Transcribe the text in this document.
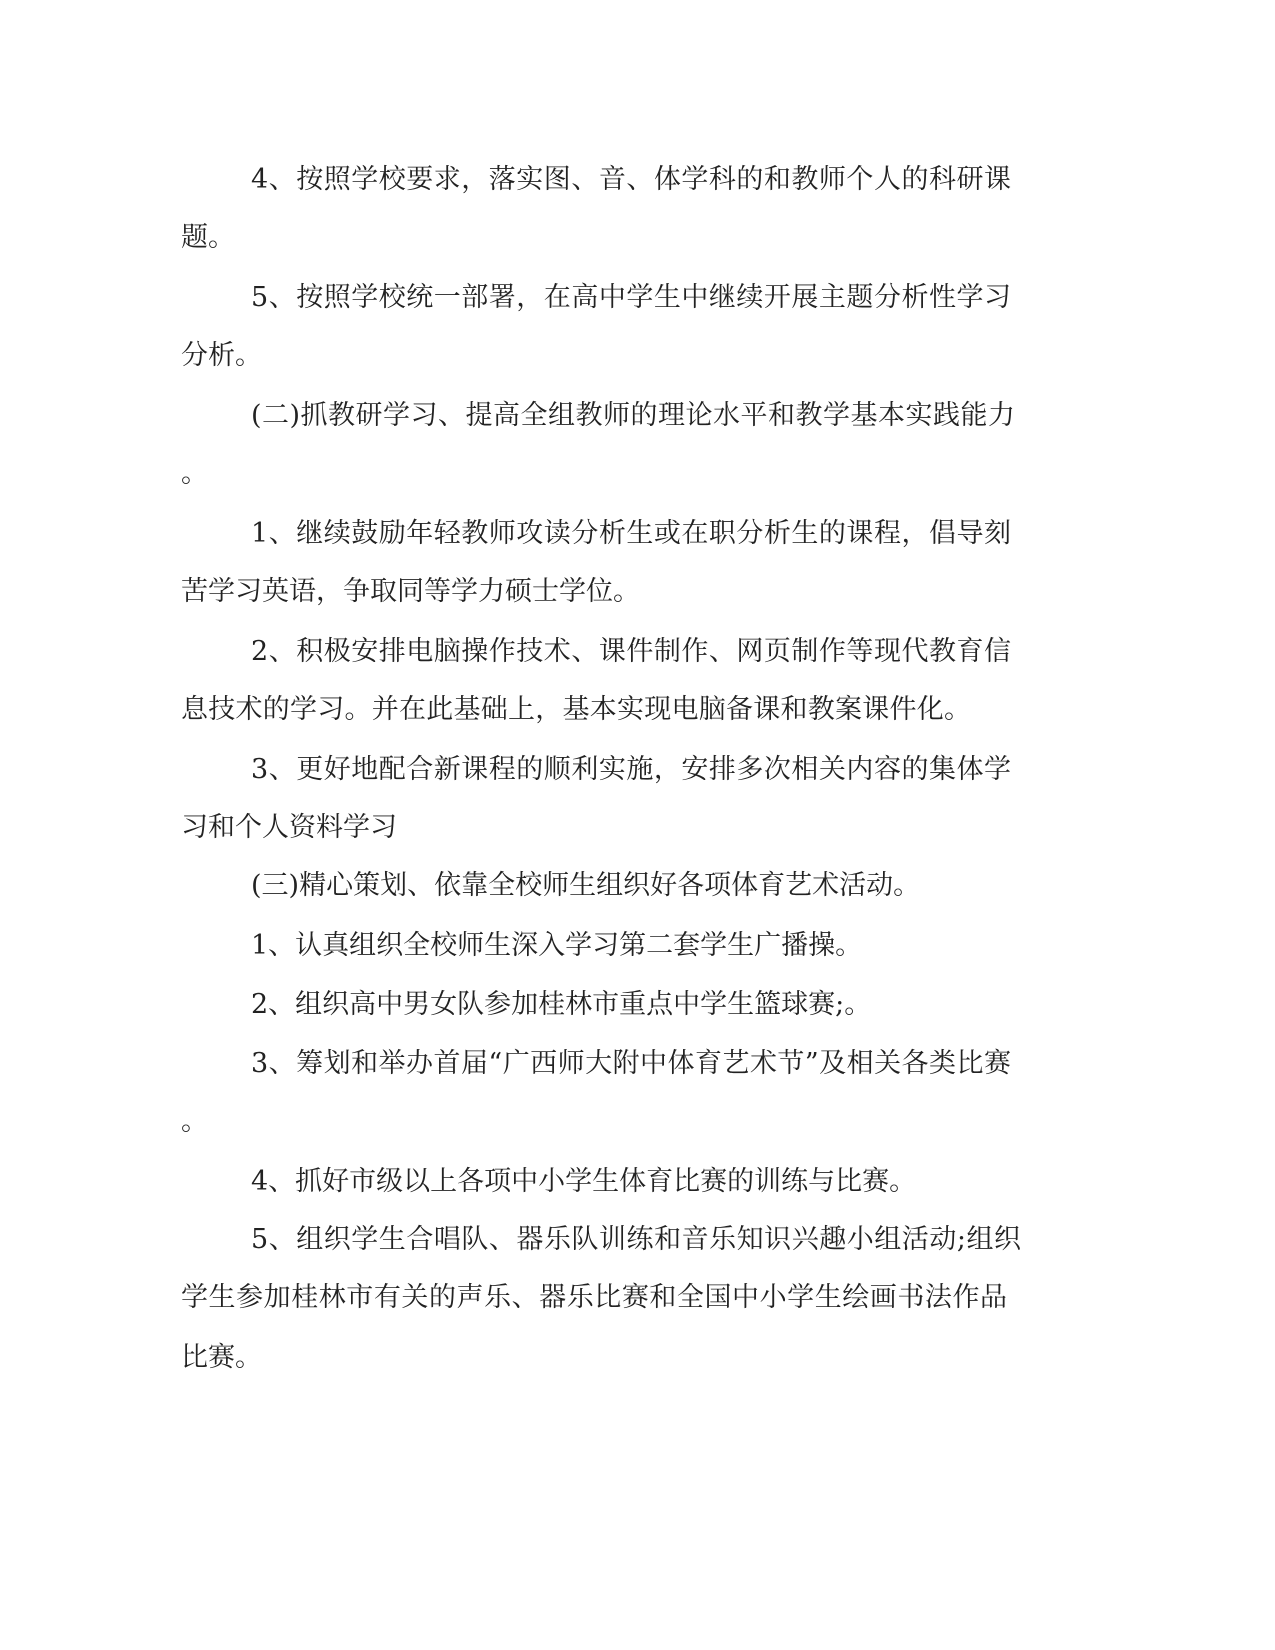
4、按照学校要求，落实图、音、体学科的和教师个人的科研课

题。

5、按照学校统一部署，在高中学生中继续开展主题分析性学习

分析。

(二)抓教研学习、提高全组教师的理论水平和教学基本实践能力

。

1、继续鼓励年轻教师攻读分析生或在职分析生的课程，倡导刻

苦学习英语，争取同等学力硕士学位。

2、积极安排电脑操作技术、课件制作、网页制作等现代教育信

息技术的学习。并在此基础上，基本实现电脑备课和教案课件化。

3、更好地配合新课程的顺利实施，安排多次相关内容的集体学

习和个人资料学习

(三)精心策划、依靠全校师生组织好各项体育艺术活动。

1、认真组织全校师生深入学习第二套学生广播操。

2、组织高中男女队参加桂林市重点中学生篮球赛;。

3、筹划和举办首届“广西师大附中体育艺术节”及相关各类比赛

。

4、抓好市级以上各项中小学生体育比赛的训练与比赛。

5、组织学生合唱队、器乐队训练和音乐知识兴趣小组活动;组织

学生参加桂林市有关的声乐、器乐比赛和全国中小学生绘画书法作品

比赛。
